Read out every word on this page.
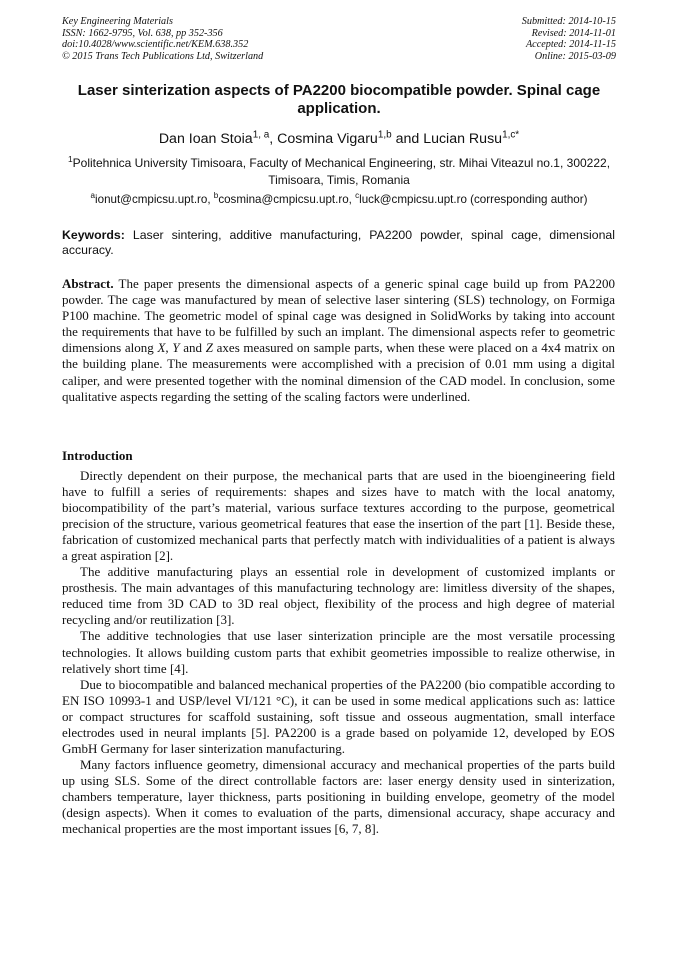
Key Engineering Materials
ISSN: 1662-9795, Vol. 638, pp 352-356
doi:10.4028/www.scientific.net/KEM.638.352
© 2015 Trans Tech Publications Ltd, Switzerland
Submitted: 2014-10-15
Revised: 2014-11-01
Accepted: 2014-11-15
Online: 2015-03-09
Laser sinterization aspects of PA2200 biocompatible powder. Spinal cage application.
Dan Ioan Stoia$^{1, a}$, Cosmina Vigaru$^{1,b}$ and Lucian Rusu$^{1,c*}$
$^1$Politehnica University Timisoara, Faculty of Mechanical Engineering, str. Mihai Viteazul no.1, 300222, Timisoara, Timis, Romania
$^a$ionut@cmpicsu.upt.ro, $^b$cosmina@cmpicsu.upt.ro, $^c$luck@cmpicsu.upt.ro (corresponding author)
Keywords: Laser sintering, additive manufacturing, PA2200 powder, spinal cage, dimensional accuracy.
Abstract. The paper presents the dimensional aspects of a generic spinal cage build up from PA2200 powder. The cage was manufactured by mean of selective laser sintering (SLS) technology, on Formiga P100 machine. The geometric model of spinal cage was designed in SolidWorks by taking into account the requirements that have to be fulfilled by such an implant. The dimensional aspects refer to geometric dimensions along X, Y and Z axes measured on sample parts, when these were placed on a 4x4 matrix on the building plane. The measurements were accomplished with a precision of 0.01 mm using a digital caliper, and were presented together with the nominal dimension of the CAD model. In conclusion, some qualitative aspects regarding the setting of the scaling factors were underlined.
Introduction

Directly dependent on their purpose, the mechanical parts that are used in the bioengineering field have to fulfill a series of requirements: shapes and sizes have to match with the local anatomy, biocompatibility of the part’s material, various surface textures according to the purpose, geometrical precision of the structure, various geometrical features that ease the insertion of the part [1]. Beside these, fabrication of customized mechanical parts that perfectly match with individualities of a patient is always a great aspiration [2].

The additive manufacturing plays an essential role in development of customized implants or prosthesis. The main advantages of this manufacturing technology are: limitless diversity of the shapes, reduced time from 3D CAD to 3D real object, flexibility of the process and high degree of material recycling and/or reutilization [3].

The additive technologies that use laser sinterization principle are the most versatile processing technologies. It allows building custom parts that exhibit geometries impossible to realize otherwise, in relatively short time [4].

Due to biocompatible and balanced mechanical properties of the PA2200 (bio compatible according to EN ISO 10993-1 and USP/level VI/121 °C), it can be used in some medical applications such as: lattice or compact structures for scaffold sustaining, soft tissue and osseous augmentation, small interface electrodes used in neural implants [5]. PA2200 is a grade based on polyamide 12, developed by EOS GmbH Germany for laser sinterization manufacturing.

Many factors influence geometry, dimensional accuracy and mechanical properties of the parts build up using SLS. Some of the direct controllable factors are: laser energy density used in sinterization, chambers temperature, layer thickness, parts positioning in building envelope, geometry of the model (design aspects). When it comes to evaluation of the parts, dimensional accuracy, shape accuracy and mechanical properties are the most important issues [6, 7, 8].
